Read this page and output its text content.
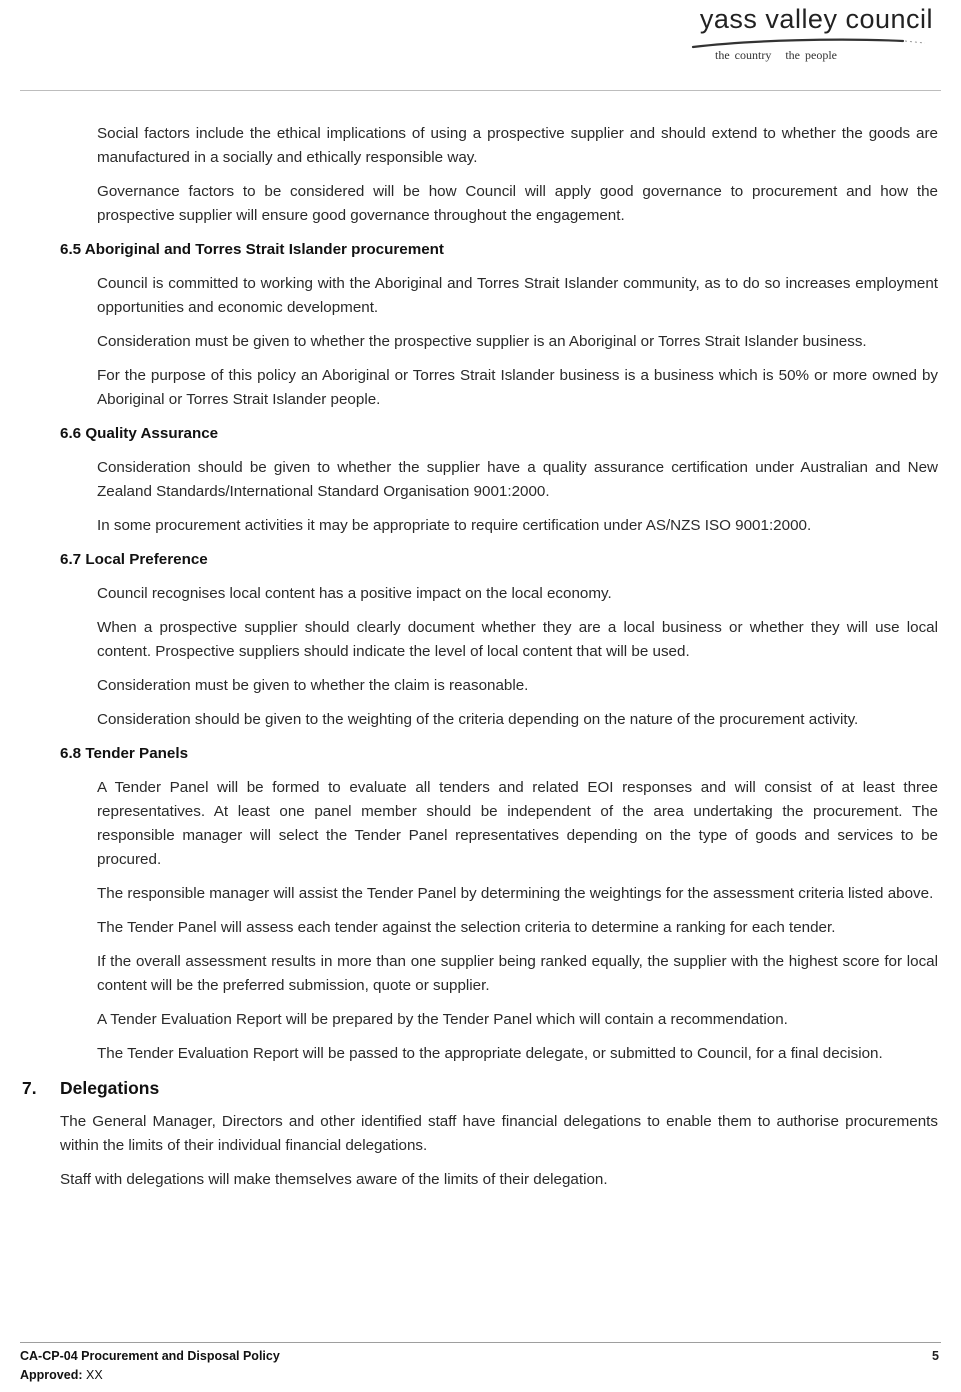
yass valley council
the country the people

Social factors include the ethical implications of using a prospective supplier and should extend to whether the goods are manufactured in a socially and ethically responsible way.

Governance factors to be considered will be how Council will apply good governance to procurement and how the prospective supplier will ensure good governance throughout the engagement.

6.5 Aboriginal and Torres Strait Islander procurement

Council is committed to working with the Aboriginal and Torres Strait Islander community, as to do so increases employment opportunities and economic development.

Consideration must be given to whether the prospective supplier is an Aboriginal or Torres Strait Islander business.

For the purpose of this policy an Aboriginal or Torres Strait Islander business is a business which is 50% or more owned by Aboriginal or Torres Strait Islander people.

6.6 Quality Assurance

Consideration should be given to whether the supplier have a quality assurance certification under Australian and New Zealand Standards/International Standard Organisation 9001:2000.

In some procurement activities it may be appropriate to require certification under AS/NZS ISO 9001:2000.

6.7 Local Preference

Council recognises local content has a positive impact on the local economy.

When a prospective supplier should clearly document whether they are a local business or whether they will use local content. Prospective suppliers should indicate the level of local content that will be used.

Consideration must be given to whether the claim is reasonable.

Consideration should be given to the weighting of the criteria depending on the nature of the procurement activity.

6.8 Tender Panels

A Tender Panel will be formed to evaluate all tenders and related EOI responses and will consist of at least three representatives. At least one panel member should be independent of the area undertaking the procurement. The responsible manager will select the Tender Panel representatives depending on the type of goods and services to be procured.

The responsible manager will assist the Tender Panel by determining the weightings for the assessment criteria listed above.

The Tender Panel will assess each tender against the selection criteria to determine a ranking for each tender.

If the overall assessment results in more than one supplier being ranked equally, the supplier with the highest score for local content will be the preferred submission, quote or supplier.

A Tender Evaluation Report will be prepared by the Tender Panel which will contain a recommendation.

The Tender Evaluation Report will be passed to the appropriate delegate, or submitted to Council, for a final decision.

7. Delegations

The General Manager, Directors and other identified staff have financial delegations to enable them to authorise procurements within the limits of their individual financial delegations.

Staff with delegations will make themselves aware of the limits of their delegation.

CA-CP-04 Procurement and Disposal Policy
Approved: XX
5
